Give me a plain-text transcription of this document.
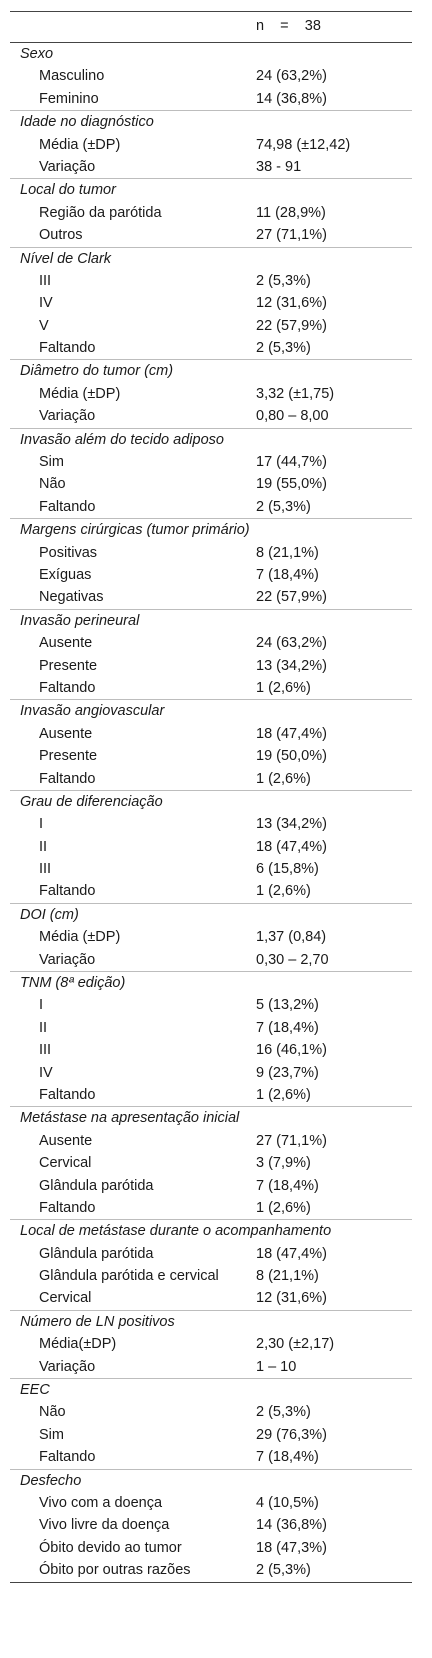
n    =    38
Sexo
Masculino	24 (63,2%)
Feminino	14 (36,8%)
Idade no diagnóstico
Média (±DP)	74,98 (±12,42)
Variação	38 - 91
Local do tumor
Região da parótida	11 (28,9%)
Outros	27 (71,1%)
Nível de Clark
III	2 (5,3%)
IV	12 (31,6%)
V	22 (57,9%)
Faltando	2 (5,3%)
Diâmetro do tumor (cm)
Média (±DP)	3,32 (±1,75)
Variação	0,80 – 8,00
Invasão além do tecido adiposo
Sim	17 (44,7%)
Não	19 (55,0%)
Faltando	2 (5,3%)
Margens cirúrgicas (tumor primário)
Positivas	8 (21,1%)
Exíguas	7 (18,4%)
Negativas	22 (57,9%)
Invasão perineural
Ausente	24 (63,2%)
Presente	13 (34,2%)
Faltando	1 (2,6%)
Invasão angiovascular
Ausente	18 (47,4%)
Presente	19 (50,0%)
Faltando	1 (2,6%)
Grau de diferenciação
I	13 (34,2%)
II	18 (47,4%)
III	6 (15,8%)
Faltando	1 (2,6%)
DOI (cm)
Média (±DP)	1,37 (0,84)
Variação	0,30 – 2,70
TNM (8ª edição)
I	5 (13,2%)
II	7 (18,4%)
III	16 (46,1%)
IV	9 (23,7%)
Faltando	1 (2,6%)
Metástase na apresentação inicial
Ausente	27 (71,1%)
Cervical	3 (7,9%)
Glândula parótida	7 (18,4%)
Faltando	1 (2,6%)
Local de metástase durante o acompanhamento
Glândula parótida	18 (47,4%)
Glândula parótida e cervical	8 (21,1%)
Cervical	12 (31,6%)
Número de LN positivos
Média(±DP)	2,30 (±2,17)
Variação	1 – 10
EEC
Não	2 (5,3%)
Sim	29 (76,3%)
Faltando	7 (18,4%)
Desfecho
Vivo com a doença	4 (10,5%)
Vivo livre da doença	14 (36,8%)
Óbito devido ao tumor	18 (47,3%)
Óbito por outras razões	2 (5,3%)
